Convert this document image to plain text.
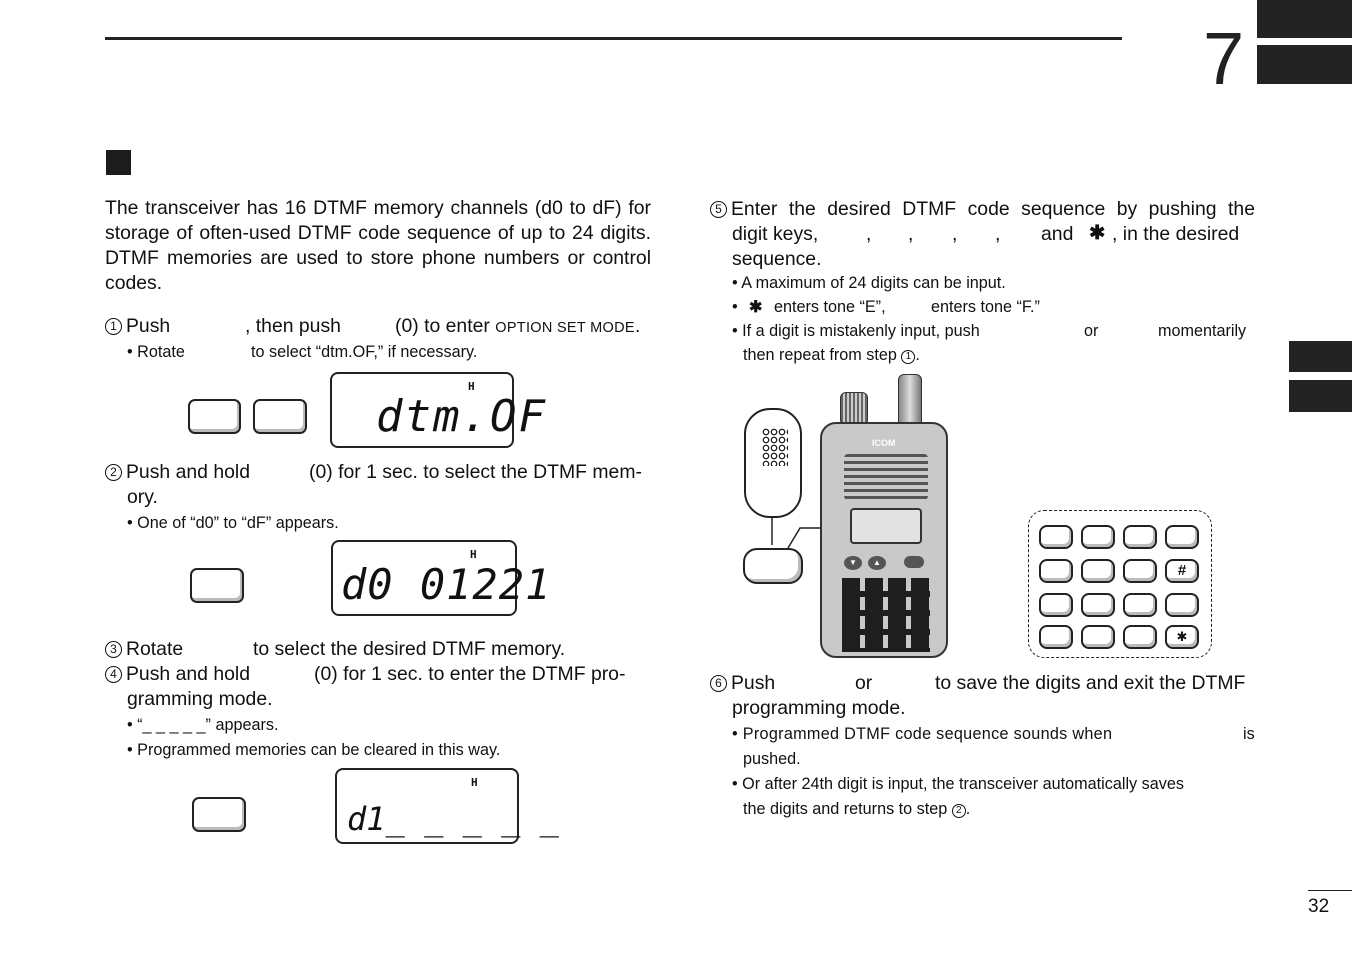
7
The transceiver has 16 DTMF memory channels (d0 to dF) for storage of often-used DTMF code sequence of up to 24 digits. DTMF memories are used to store phone numbers or control codes.
1 Push	, then push	(0) to enter OPTION SET MODE.
• Rotate	to select “dtm.OF,” if necessary.
H
dtm.OF
2 Push and hold	(0) for 1 sec. to select the DTMF mem-
ory.
• One of “d0” to “dF” appears.
H
d0 01221
3 Rotate	to select the desired DTMF memory.
4 Push and hold	(0) for 1 sec. to enter the DTMF pro-
gramming mode.
• “_ _ _ _ _” appears.
• Programmed memories can be cleared in this way.
H
d1_ _ _ _ _
5 Enter the desired DTMF code sequence by pushing the
digit keys, , , , , and ✱ , in the desired
sequence.
• A maximum of 24 digits can be input.
• ✱ enters tone “E”,	enters tone “F.”
• If a digit is mistakenly input, push	or	momentarily
then repeat from step 1 .
ICOM
▼	▲	#
✱
6 Push	or	to save the digits and exit the DTMF
programming mode.
• Programmed DTMF code sequence sounds when	is
pushed.
• Or after 24th digit is input, the transceiver automatically saves
the digits and returns to step 2 .
32
